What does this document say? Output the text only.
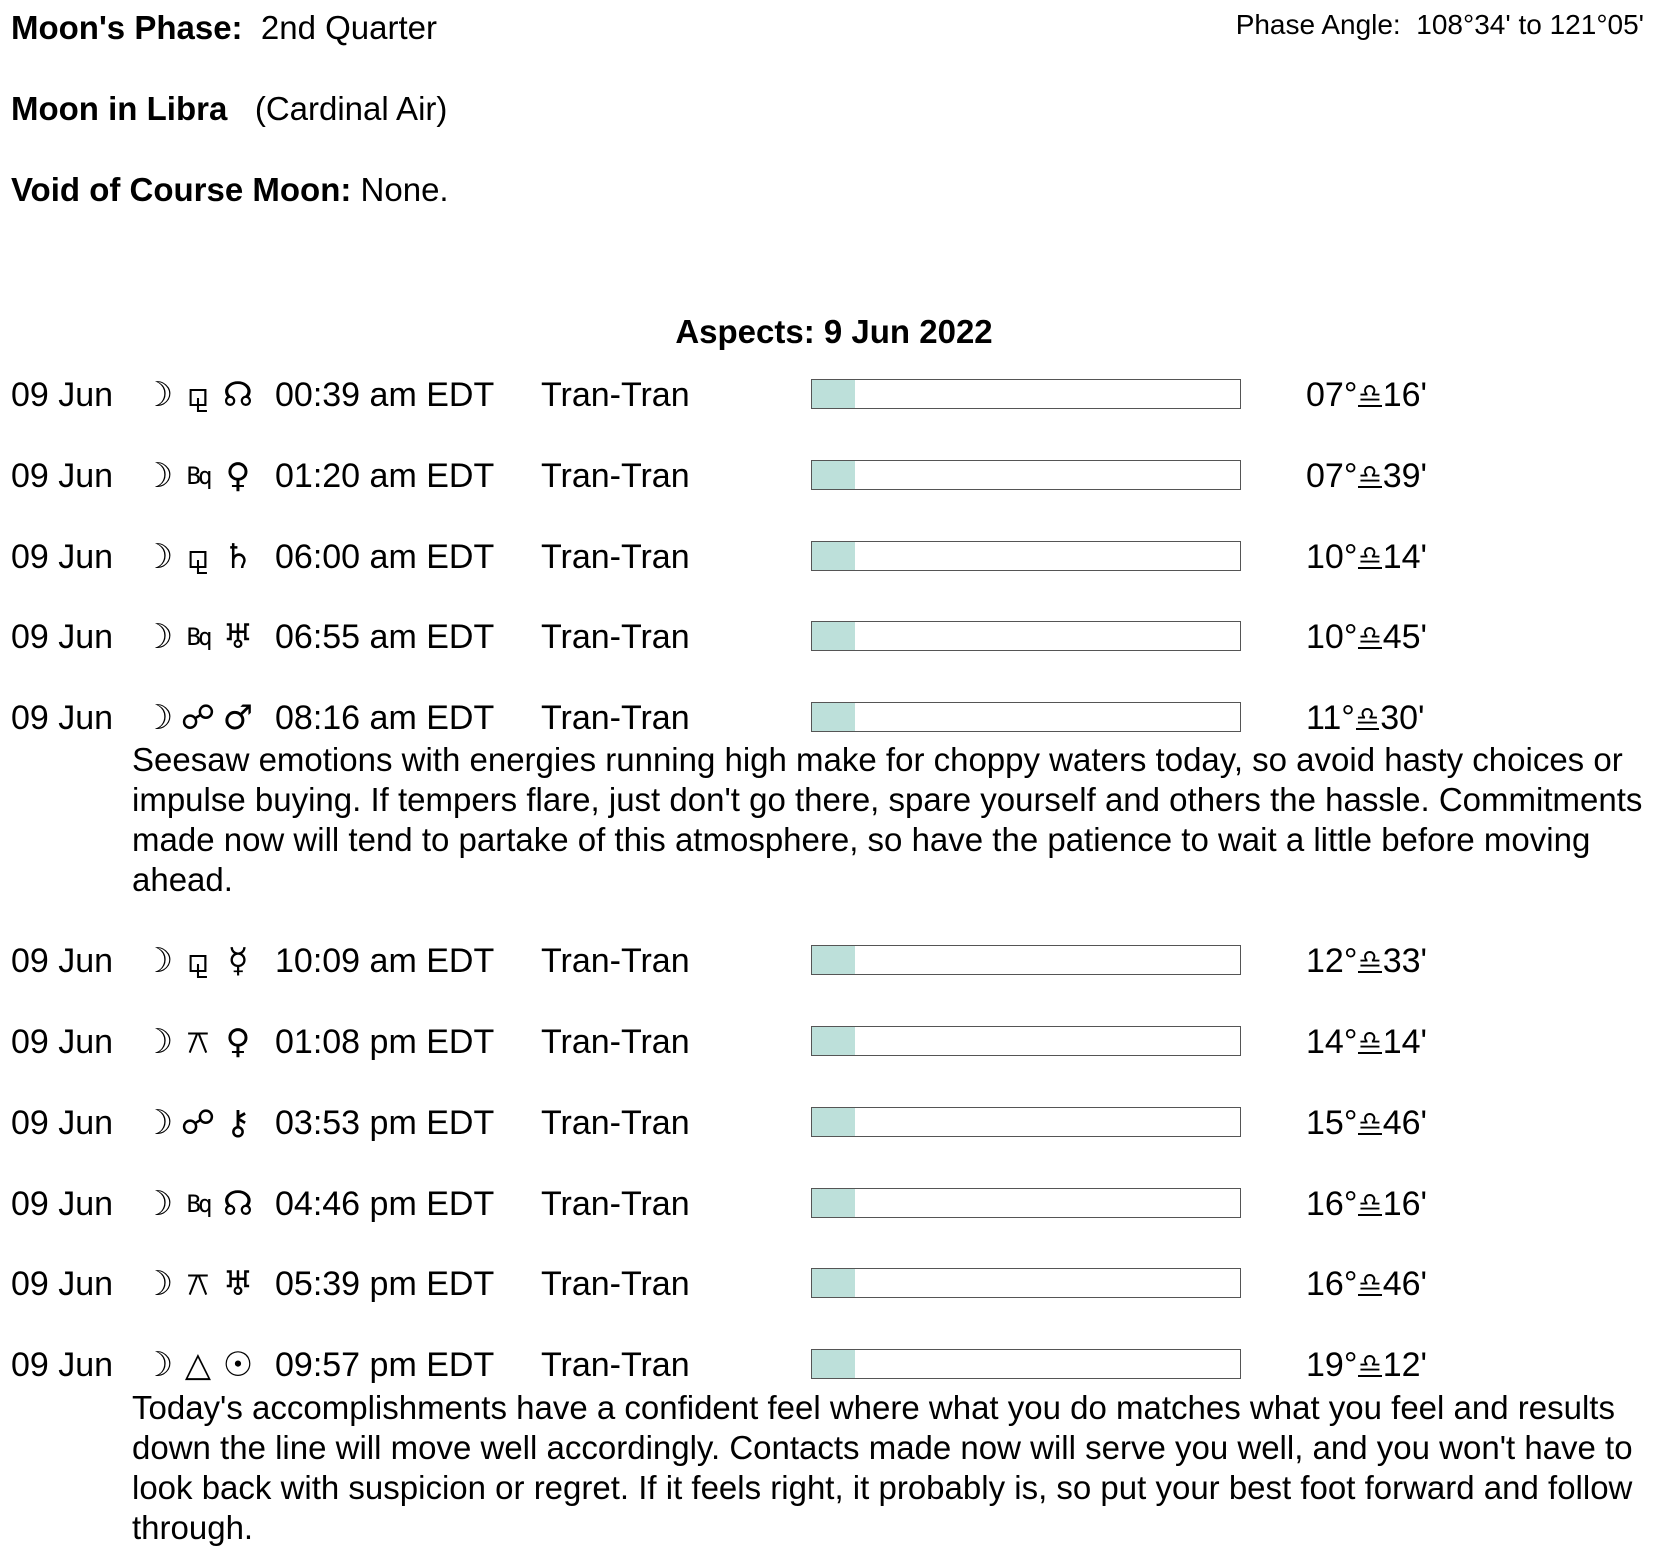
Moon's Phase: 2nd Quarter	Phase Angle: 108°34' to 121°05'
Moon in Libra (Cardinal Air)
Void of Course Moon: None.
Aspects: 9 Jun 2022
09 Jun ☽ ⚼ ☊ 00:39 am EDT Tran-Tran	07°♎16'
09 Jun ☽ Bq ♀ 01:20 am EDT Tran-Tran	07°♎39'
09 Jun ☽ ⚼ ♄ 06:00 am EDT Tran-Tran	10°♎14'
09 Jun ☽ Bq ♅ 06:55 am EDT Tran-Tran	10°♎45'
09 Jun ☽ ☍ ♂ 08:16 am EDT Tran-Tran	11°♎30'
Seesaw emotions with energies running high make for choppy waters today, so avoid hasty choices or impulse buying. If tempers flare, just don't go there, spare yourself and others the hassle. Commitments made now will tend to partake of this atmosphere, so have the patience to wait a little before moving ahead.
09 Jun ☽ ⚼ ☿ 10:09 am EDT Tran-Tran	12°♎33'
09 Jun ☽ ⚻ ♀ 01:08 pm EDT Tran-Tran	14°♎14'
09 Jun ☽ ☍ ⚷ 03:53 pm EDT Tran-Tran	15°♎46'
09 Jun ☽ Bq ☊ 04:46 pm EDT Tran-Tran	16°♎16'
09 Jun ☽ ⚻ ♅ 05:39 pm EDT Tran-Tran	16°♎46'
09 Jun ☽ △ ☉ 09:57 pm EDT Tran-Tran	19°♎12'
Today's accomplishments have a confident feel where what you do matches what you feel and results down the line will move well accordingly. Contacts made now will serve you well, and you won't have to look back with suspicion or regret. If it feels right, it probably is, so put your best foot forward and follow through.
